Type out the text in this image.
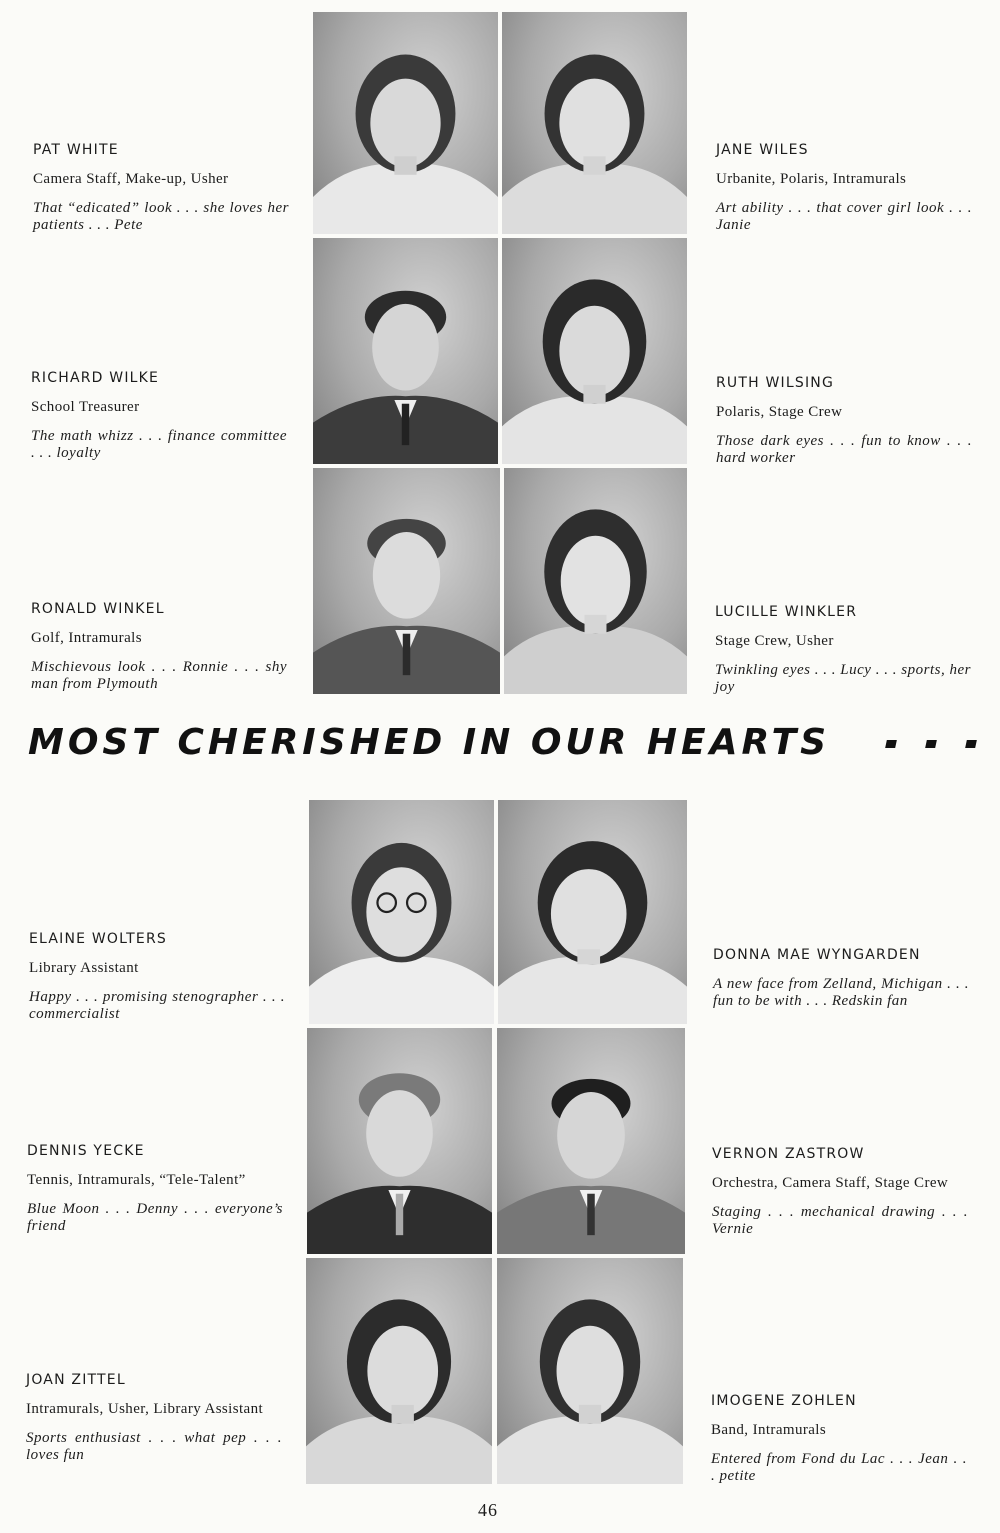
PAT WHITE

Camera Staff, Make-up, Usher

That “edicated” look . . . she loves her patients . . . Pete

JANE WILES

Urbanite, Polaris, Intramurals

Art ability . . . that cover girl look . . . Janie

RICHARD WILKE

School Treasurer

The math whizz . . . finance committee . . . loyalty

RUTH WILSING

Polaris, Stage Crew

Those dark eyes . . . fun to know . . . hard worker

RONALD WINKEL

Golf, Intramurals

Mischievous look . . . Ronnie . . . shy man from Plymouth

LUCILLE WINKLER

Stage Crew, Usher

Twinkling eyes . . . Lucy . . . sports, her joy

MOST CHERISHED IN OUR HEARTS

ELAINE WOLTERS

Library Assistant

Happy . . . promising stenographer . . . commercialist

DONNA MAE WYNGARDEN

A new face from Zelland, Michigan . . . fun to be with . . . Redskin fan

DENNIS YECKE

Tennis, Intramurals, “Tele-Talent”

Blue Moon . . . Denny . . . everyone’s friend

VERNON ZASTROW

Orchestra, Camera Staff, Stage Crew

Staging . . . mechanical drawing . . . Vernie

JOAN ZITTEL

Intramurals, Usher, Library Assistant

Sports enthusiast . . . what pep . . . loves fun

IMOGENE ZOHLEN

Band, Intramurals

Entered from Fond du Lac . . . Jean . . . petite

46
